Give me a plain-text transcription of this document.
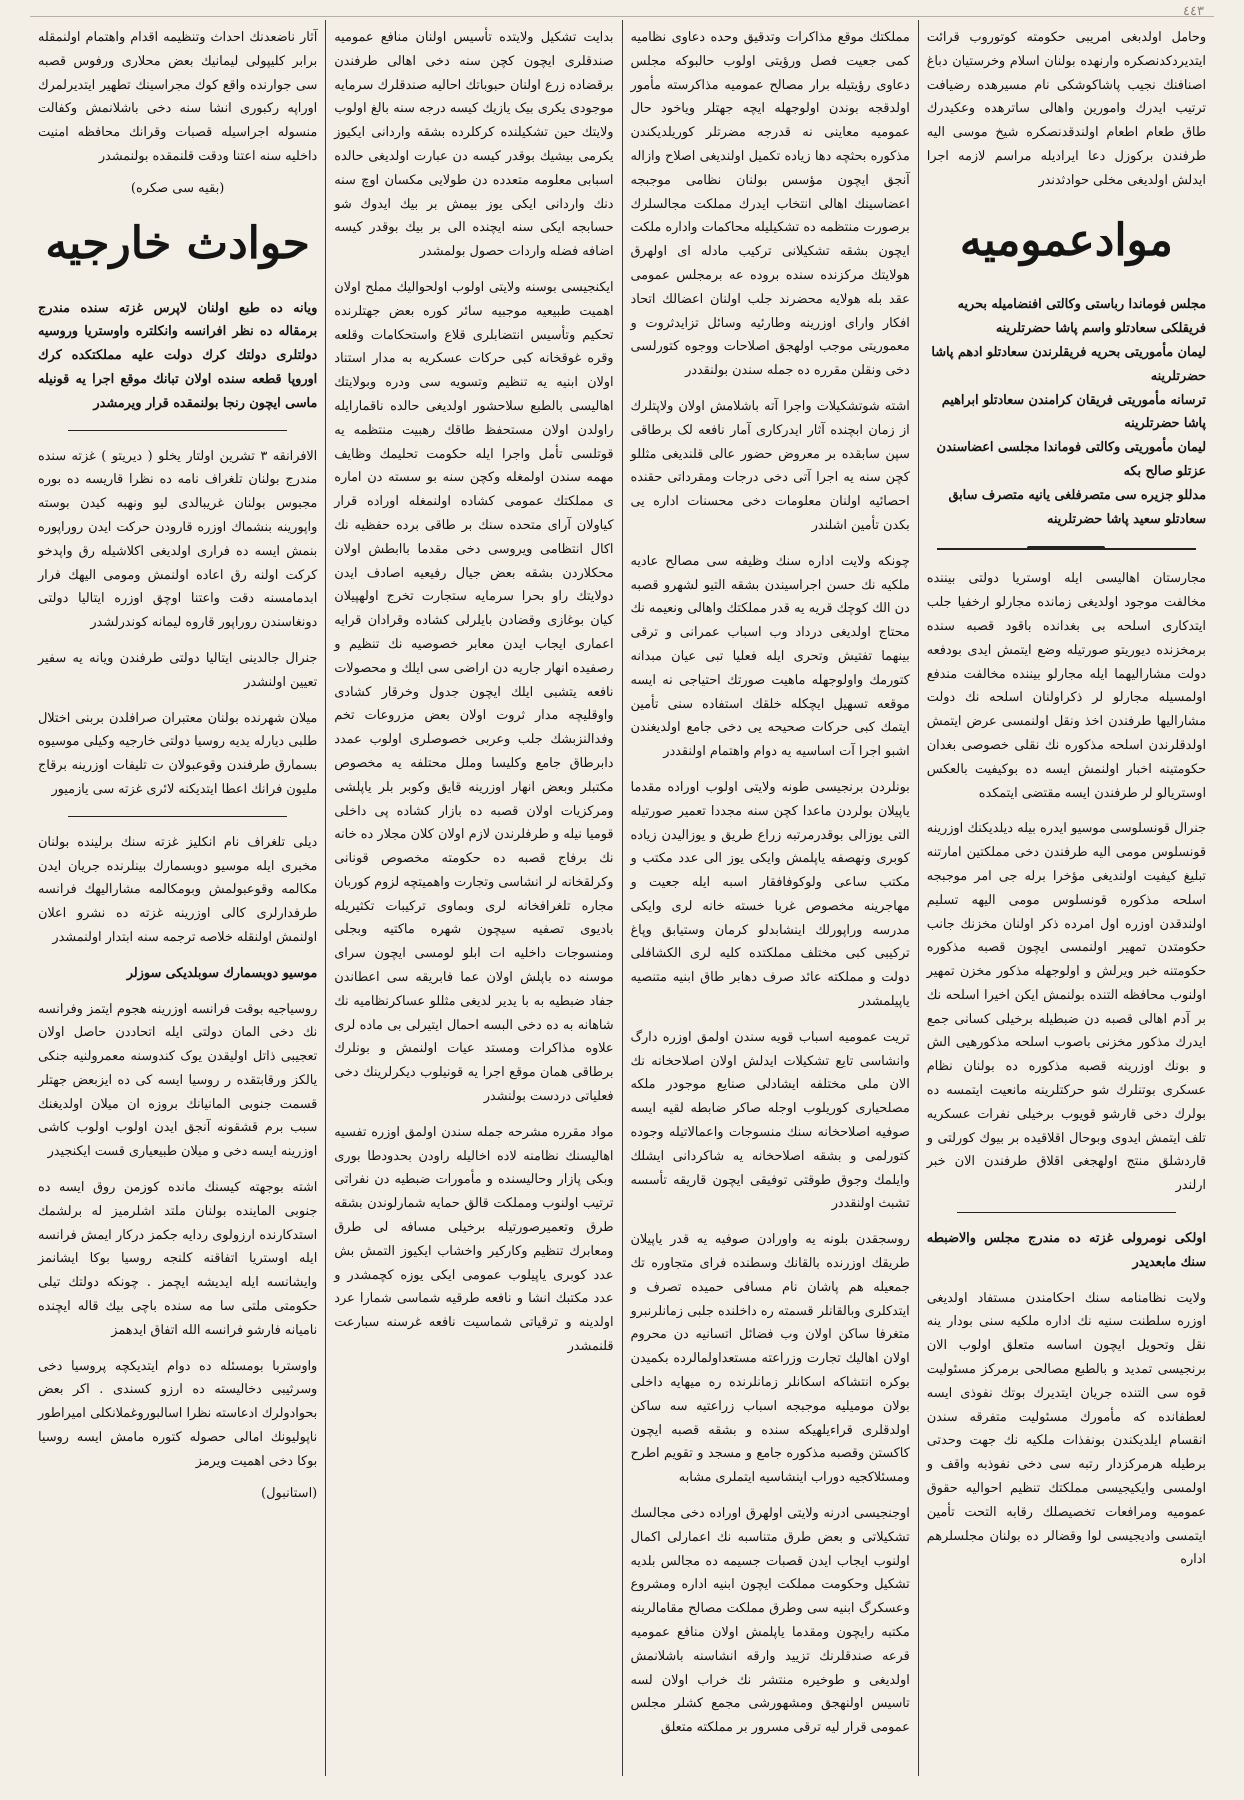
٤٤٣

وحامل اولدبغی امریبی حکومته کوتوروب قرائت ایتدیردکدنصکره وارنهده بولنان اسلام وخرستیان دباغ اصنافنك نجیب پاشاکوشکی نام مسیرهده رضیافت ترتیب ایدرك وامورین واهالی ساترهده وعکیدرك طاق طعام اطعام اولندقدنصکره شیخ موسی الیه طرفندن برکوزل دعا ایرادیله مراسم لازمه اجرا ایدلش اولدیغی مخلی حوادثدندر

موادعمومیه
مجلس فوماندا رباستی وکالتی افنضامیله بحریه فریقلکی سعادتلو واسم پاشا حضرتلرینه
لیمان مأموریتی بحریه فریقلرندن سعادتلو ادهم پاشا حضرتلرینه
ترسانه مأموریتی فریقان کرامندن سعادتلو ابراهیم پاشا حضرتلرینه
لیمان مأموریتی وکالتی فوماندا مجلسی اعضاسندن عزتلو صالح بکه
مدللو جزیره سی متصرفلغی یانیه متصرف سابق سعادتلو سعید پاشا حضرتلرینه

مجارستان اهالیسی ایله اوستریا دولتی بیننده مخالفت موجود اولدیغی زمانده مجارلو ارخفیا جلب ایتدکاری اسلحه بی بغدانده باقود قصبه سنده برمخزنده دیوریتو صورتیله وضع ایتمش ایدی بودفعه دولت مشارالیهما ایله مجارلو بیننده مخالفت مندفع اولمسیله مجارلو لر ذکراولنان اسلحه نك دولت مشارالیها طرفندن اخذ ونقل اولنمسی عرض ایتمش اولدقلرندن اسلحه مذکوره نك نقلی خصوصی بغدان حکومتینه اخبار اولنمش ایسه ده بوکیفیت بالعکس اوستریالو لر طرفندن ایسه مقتضی ایتمکده

جنرال قونسلوسی موسیو ایدره بیله دیلدیکنك اوزرینه قونسلوس مومی الیه طرفندن دخی مملکتین امارتنه تبلیغ کیفیت اولندیغی مؤخرا برله جی امر موجبجه اسلحه مذکوره قونسلوس مومی الیهه تسلیم اولندقدن اوزره اول امرده ذکر اولنان مخزنك جانب حکومتدن تمهیر اولنمسی ایچون قصبه مذکوره حکومتنه خبر ویرلش و اولوجهله مذکور مخزن تمهیر اولنوب محافظه التنده بولنمش ایکن اخیرا اسلحه نك بر آدم اهالی قصبه دن ضبطیله برخیلی کسانی جمع ایدرك مذکور مخزنی باصوب اسلحه مذکورهیی الش و بونك اوزرینه قصبه مذکوره ده بولنان نظام عسکری بوتنلرك شو حرکتلرینه مانعیت ایتمسه ده بولرك دخی قارشو قویوب برخیلی نفرات عسکریه تلف ایتمش ایدوی وبوحال اقلاقیده بر بیوك کورلتی و قاردشلق منتج اولهجغی اقلاق طرفندن الان خبر ارلندر

اولکی نومرولی غزته ده مندرج مجلس والاضبطه سنك مابعدیدر

ولایت نظامنامه سنك احکامندن مستفاد اولدیغی اوزره سلطنت سنیه نك اداره ملکیه سنی بودار ینه نقل وتحویل ایچون اساسه متعلق اولوب الان برنجیسی تمدید و بالطبع مصالحی برمرکز مسئولیت قوه سی التنده جریان ایتدیرك بوتك نفوذی ایسه لعطفانده که مأمورك مسئولیت متفرقه سندن انقسام ایلدیکندن بونفذات ملکیه نك جهت وحدتی برطیله هرمرکزدار رتبه سی دخی نفوذبه واقف و اولمسی وایکیجیسی مملکتك تنظیم احوالیه حقوق عمومیه ومرافعات تخصیصلك رقابه التحت تأمین ایتمسی وادیجیسی لوا وقضالر ده بولنان مجلسلرهم اداره

مملکتك موقع مذاکرات وتدقیق وحده دعاوی نظامیه کمی جعیت فصل ورؤیتی اولوب حالبوکه مجلس دعاوی رؤیتیله برار مصالح عمومیه مذاکرسته مأمور اولدقجه بوندن اولوجهله ایچه جهتلر ویاخود حال عمومیه معاینی نه قدرجه مضرتلر کوریلدیکندن مذکوره بحثچه دها زیاده تکمیل اولندیغی اصلاح وازاله آنجق ایچون مؤسس بولنان نظامی موجبجه اعضاسینك اهالی انتخاب ایدرك مملکت مجالسلرك برصورت منتظمه ده تشکیلیله محاکمات واداره ملکت ایچون بشقه تشکیلانی ترکیب مادله ای اولهرق هولایتك مرکزنده سنده بروده عه برمجلس عمومی عقد بله هولایه محضرند جلب اولنان اعضالك اتحاد افکار وارای اوزرینه وطارئیه وسائل تزایدثروت و معموریتی موجب اولهجق اصلاحات ووجوه کتورلسی دخی ونقلن مقرره ده جمله سندن بولنقددر

اشته شوتشکیلات واجرا آته باشلامش اولان ولاپتلرك از زمان ابچنده آثار ایدرکاری آمار نافعه لک برطاقی سپن سابقده بر معروض حضور عالی قلندیغی مثللو کچن سنه یه اجرا آتی دخی درجات ومقرداتی حقنده احصائیه اولنان معلومات دخی محسنات اداره یی بکدن تأمین اشلندر

چونکه ولایت اداره سنك وظیفه سی مصالح عادیه ملکیه نك حسن اجراسیندن بشقه التیو لشهرو قصبه دن الك کوچك قریه یه قدر مملکتك واهالی ونعیمه نك محتاج اولدیغی درداد وب اسباب عمرانی و ترقی بینهما تفتیش وتحری ایله فعلیا تبی عیان مبدانه کتورمك واولوجهله ماهیت صورتك احتیاجی نه ایسه موقعه تسهیل ایچکله خلقك استفاده سنی تأمین ایتمك کبی حرکات صحیحه یی دخی جامع اولدیغندن اشبو اجرا آت اساسیه یه دوام واهتمام اولنقددر

بونلردن برنجیسی طونه ولایتی اولوب اوراده مقدما یاپیلان بولردن ماعدا کچن سنه مجددا تعمیر صورتیله التی یوزالی بوقدرمرتبه زراع طریق و یوزالیدن زیاده کوبری ونهصفه یاپلمش وایکی یوز الی عدد مکتب و مکتب ساعی ولوکوفافقار اسبه ایله جعیت و مهاجرینه مخصوص غربا خسته خانه لری وایکی مدرسه وراپورلك اینشابدلو کرمان وستیابق وپاغ ترکیبی کبی مختلف مملکتده کلیه لری الکشافلی دولت و مملکته عائد صرف دهابر طاق ابنیه متنصیه یاپیلمشدر

تریت عمومیه اسباب قویه سندن اولمق اوزره دارگ وانشاسی تایع تشکیلات ایدلش اولان اصلاحخانه نك الان ملی مختلفه ایشادلی صنایع موجودر ملکه مصلحیاری کوریلوب اوجله صاکر ضابطه لقیه ایسه صوفیه اصلاحخانه سنك منسوجات واعمالاتیله وجوده کتورلمی و بشقه اصلاحخانه یه شاکردانی ایشلك وایلمك وجوق طوقتی توفیقی ایچون قاریقه تأسسه تشبث اولنقددر

روسجقدن بلونه یه واورادن صوفیه یه قدر یاپیلان طریقك اوزرنده بالقانك وسطنده فرای متجاوره تك جمعیله هم پاشان نام مسافی حمیده تصرف و ایتدکلری وبالقانلر قسمته ره داخلنده جلبی زمانلرنبرو متغرفا ساکن اولان وب فضائل اتسانیه دن محروم اولان اهالیك تجارت وزراعته مستعداولمالرده بکمیدن بوکره انتشاکه اسکانلر زمانلرنده ره میهایه داخلی بولان مومیلیه موجبجه اسباب زراعتیه سه ساکن اولدقلری قراءیلهیکه سنده و بشقه قصبه ایچون کاکستن وقصبه مذکوره جامع و مسجد و تقویم اطرح ومسئلاکجیه دوراب اینشاسیه ایتملری مشابه

اوجنجیسی ادرنه ولایتی اولهرق اوراده دخی مجالسك تشکیلاتی و بعض طرق متناسبه نك اعمارلی اکمال اولنوب ایجاب ایدن قصبات جسیمه ده مجالس بلدیه تشکیل وحکومت مملکت ایچون ابنیه اداره ومشروع وعسکرگ ابنیه سی وطرق مملکت مصالح مقامالرینه مکتبه رایچون ومقدما یاپلمش اولان منافع عمومیه قرعه صندقلرنك تزیید وارقه انشاسنه باشلانمش اولدیغی و طوخیره منتشر نك خراب اولان لسه تاسیس اولنهجق ومشهورشی مجمع کشلر مجلس عمومی قرار لیه ترقی مسرور بر مملکته متعلق

بدایت تشکیل ولایتده تأسیس اولنان منافع عمومیه صندقلری ایچون کچن سنه دخی اهالی طرفندن برقضاده زرع اولنان حبوباتك احالیه صندقلرك سرمایه موجودی یکری بیک یازیك کیسه درجه سنه بالغ اولوب ولایتك حین تشکیلنده کرکلرده بشقه واردانی ایکیوز یکرمی بیشیك بوقدر کیسه دن عبارت اولدیغی حالده اسبابی معلومه متعدده دن طولایی مکسان اوچ سنه دنك واردانی ایکی یوز بیمش بر بیك ایدوك شو حسابجه ایکی سنه ایچنده الی بر بیك بوقدر کیسه اضافه فضله واردات حصول بولمشدر

ایکنجیسی بوسنه ولایتی اولوب اولحوالیك مملح اولان اهمیت طبیعیه موجبیه سائر کوره بعض جهتلرنده تحکیم وتأسیس انتضابلری قلاع واستحکامات وقلعه وقره غوقخانه کبی حرکات عسکریه به مدار استناد اولان ابنیه یه تنظیم وتسویه سی ودره وبولایتك اهالیسی بالطبع سلاحشور اولدیغی حالده ناقمارایله راولدن اولان مستحفظ طاقك رهبیت منتظمه یه قوتلسی تأمل واجرا ایله حکومت تحلیمك وظایف مهمه سندن اولمغله وکچن سنه بو سسته دن اماره ی مملکتك عمومی کشاده اولنمغله اوراده قرار کیاولان آرای متحده سنك بر طاقی برده حفظیه نك اکال انتظامی ویروسی دخی مقدما باابطش اولان محکلاردن بشقه بعض جیال رفیعیه اصادف ایدن دولایتك راو بحرا سرمایه ستجارت تخرج اولهپیلان کیان بوغازی وقضادن بایلرلی کشاده وقرادان قرایه اعماری ایجاب ایدن معابر خصوصیه نك تنظیم و رصفیده انهار جاریه دن اراضی سی ایلك و محصولات نافعه یتشبی ایلك ایچون جدول وخرقار کشادی واوقلیچه مدار ثروت اولان بعض مزروعات تخم وفدالنزبشك جلب وعربی خصوصلری اولوب عمدد دابرطاق جامع وکلیسا وملل محتلفه یه مخصوص مکتبلر وبعض انهار اوزرینه قایق وکوبر بلر یاپلشی ومرکزیات اولان قصبه ده بازار کشاده پی داخلی قومیا نیله و طرفلرندن لازم اولان کلان مجلار ده خانه نك برفاج قصبه ده حکومته مخصوص قونانی وکرلقخانه لر انشاسی وتجارت واهمیتچه لزوم کوربان مجاره تلغرافخانه لری وبماوی ترکیبات تکثیریله بادیوی تصفیه سیچون شهره ماکتیه وبجلی ومنسوجات داخلیه ات ابلو لومسی ایچون سرای موسنه ده باپلش اولان عما فابریقه سی اعطاندن جفاد ضبطیه به با یدیر لدیغی مثللو عساکرنظامیه نك شاهانه به ده دخی البسه احمال ایتیرلی بی ماده لری علاوه مذاکرات ومستد عیات اولنمش و بونلرك برطاقی همان موقع اجرا یه قونیلوب دیکرلرینك دخی فعلیاتی دردست بولنشدر

مواد مقرره مشرحه جمله سندن اولمق اوزره تفسیه اهالیسنك نظامنه لاده اخالیله راودن بحدودطا بوری وبکی پازار وحالیسنده و مأمورات ضبطیه دن نفراتی ترتیب اولنوب ومملکت قالق حمایه شمارلوندن بشقه طرق وتعمیرصورتیله برخیلی مسافه لی طرق ومعابرك تنظیم وکارکیر واخشاب ایکیوز التمش بش عدد کوبری یاپیلوب عمومی ایکی یوزه کچمشدر و عدد مکتبك انشا و نافعه طرقیه شماسی شمارا عرد اولدینه و ترقیاتی شماسیت نافعه غرسنه سبارعت قلنمشدر

آثار ناضعدنك احداث وتنظیمه اقدام واهتمام اولنمقله برابر کلیپولی لیمانیك بعض محلاری ورفوس قصبه سی جوارنده واقع کوك مجراسینك تطهیر ایتدیرلمرك اوراپه رکبوری انشا سنه دخی باشلانمش وکفالت منسوله اجراسیله قصبات وقرانك محافظه امنیت داخلیه سنه اعتنا ودقت قلنمقده بولنمشدر

(بقیه سی صکره)
حوادث خارجیه

ویانه ده طبع اولنان لاپرس غزته سنده مندرج برمقاله ده نظر افرانسه وانکلتره واوستریا وروسیه دولتلری دولتك کرك دولت علیه مملکتکده کرك اوروپا قطعه سنده اولان تبانك موقع اجرا یه قونیله ماسی ایچون رنجا بولنمقده قرار ویرمشدر

الافرانقه ۳ تشرین اولتار یخلو ( دیریتو ) غزته سنده مندرج بولنان تلغراف نامه ده نظرا قاریسه ده بوره مجبوس بولنان غریبالدی لیو ونهبه کیدن بوسته واپورینه بنشماك اوزره قارودن حرکت ایدن روراپوره بنمش ایسه ده فراری اولدیغی اکلاشیله رق واپدخو کرکت اولنه رق اعاده اولنمش ومومی الیهك فرار ابدمامسنه دقت واعتنا اوچق اوزره ایتالیا دولتی دونغاسندن روراپور قاروه لیمانه کوندرلشدر

جنرال جالدینی ایتالیا دولتی طرفندن ویانه یه سفیر تعیین اولنشدر

میلان شهرنده بولنان معتبران صرافلدن بربنی اختلال طلبی دیارله یدیه روسیا دولتی خارجیه وکیلی موسیوه بسمارق طرفندن وقوعبولان ت تلیفات اوزرینه برقاج ملیون فرانك اعطا ایتدیکنه لائری غزته سی یازمیور

دیلی تلغراف نام انکلیز غزته سنك برلینده بولنان مخبری ایله موسیو دوبسمارك بینلرنده جریان ایدن مکالمه وقوعبولمش وبومکالمه مشارالیهك فرانسه طرفدارلری کالی اوزرینه غزته ده نشرو اعلان اولنمش اولنقله خلاصه ترجمه سنه ابتدار اولنمشدر

موسیو دوبسمارك سوبلدیکی سوزلر

روسیاجیه بوقت فرانسه اوزرینه هجوم ایتمز وفرانسه نك دخی المان دولتی ایله اتحاددن حاصل اولان تعجیبی ذاتل اولیقدن یوک کندوسنه معمرولنیه جنکی یالکز ورقابتقده ر روسیا ایسه کی ده ایزبعض جهتلر قسمت جنوبی المانیانك بروزه ان میلان اولدیغنك سبب برم قشقونه آنجق ایدن اولوب اولوب کاشی اوزرینه ایسه دخی و میلان طبیعیاری قست ایکنجیدر

اشته بوجهته کیسنك مانده کوزمن روق ایسه ده جنوبی الماینده بولنان ملتد اشلرمیز له برلشمك استدکارنده ارزولوی ردایه جکمز درکار ایمش فرانسه ایله اوستریا اتفاقنه کلنجه روسیا بوکا ایشانمز وایشانسه ایله ایدیشه ایچمز . چونکه دولتك تیلی حکومتی ملتی سا مه سنده باچی بیك قاله ایچنده نامیانه فارشو فرانسه الله اتفاق ایدهمز

واوستربا بومسئله ده دوام ایتدیکچه پروسیا دخی وسرثیبی دخالیسته ده ارزو کسندی . اکر بعض بحوادولرك ادعاسته نظرا اسالبوروغملانکلی امیراطور ناپولیونك امالی حصوله کتوره مامش ایسه روسیا بوکا دخی اهمیت ویرمز

(استانبول)
